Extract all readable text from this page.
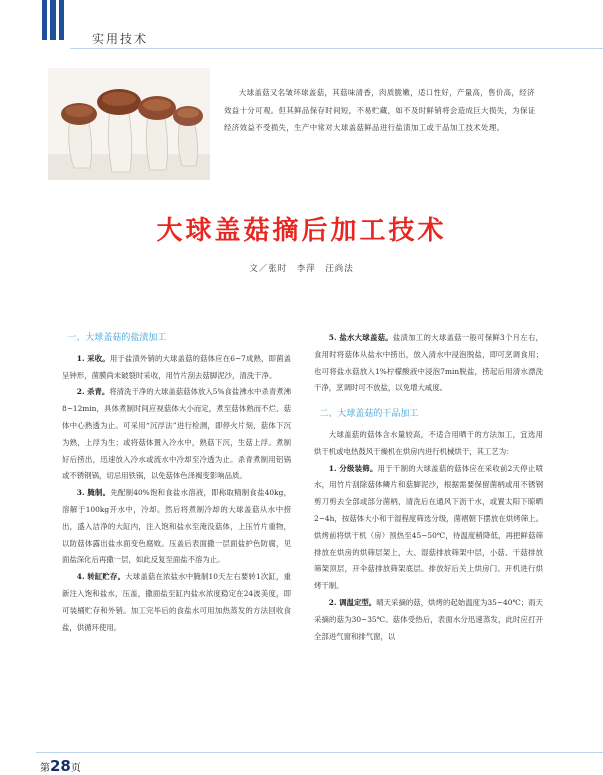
实用技术
大球盖菇又名皱环球盖菇，其菇味清香，肉质脆嫩，适口性好，产量高，售价高，经济效益十分可观。但其鲜品保存时间短，不易贮藏，如不及时鲜销将会造成巨大损失，为保证经济效益不受损失，生产中常对大球盖菇鲜品进行盐渍加工或干品加工技术处理。
大球盖菇摘后加工技术
文／张时　李萍　汪尚法
一、大球盖菇的盐渍加工

1. 采收。用于盐渍外销的大球盖菇的菇体应在6~7成熟，即菌盖呈钟形，菌膜尚未破裂时采收，用竹片刮去菇脚泥沙，清洗干净。

2. 杀青。将清洗干净的大球盖菇菇体放入5%食盐沸水中杀青煮沸8~12min，具体煮制时间应视菇体大小而定，煮至菇体熟而不烂、菇体中心熟透为止。可采用“沉浮法”进行检测，即停火片刻，菇体下沉为熟，上浮为生；或将菇体置入冷水中，熟菇下沉，生菇上浮。煮制好后捞出，迅速放入冷水或流水中冷却至冷透为止。杀青煮制用铝锅或不锈钢锅，切忌用铁锅，以免菇体色泽褐变影响品质。

3. 腌制。先配制40%饱和食盐水溶液，即称取精制食盐40kg，溶解于100kg开水中，冷却。然后将煮制冷却的大球盖菇从水中捞出，盛入洁净的大缸内，注入饱和盐水至淹没菇体，上压竹片重物，以防菇体露出盐水面变色腐败。压盖后表面撒一层面盐护色防腐，见面盐深化后再撒一层，如此反复至面盐不溶为止。

4. 转缸贮存。大球盖菇在浓盐水中腌制10天左右要转1次缸，重新注入饱和盐水，压盖，撒面盐至缸内盐水浓度稳定在24波美度，即可装桶贮存和外销。加工完毕后的食盐水可用加热蒸发的方法回收食盐，供循环使用。

5. 盐水大球盖菇。盐渍加工的大球盖菇一般可保鲜3个月左右，食用时将菇体从盐水中捞出，放入清水中浸泡脱盐，即可烹调食用；也可将盐水菇放入1%柠檬酸液中浸泡7min脱盐，捞起后用清水漂洗干净，烹调时可不放盐，以免增大咸度。

二、大球盖菇的干品加工

大球盖菇的菇体含水量较高，不适合用晒干的方法加工，宜选用烘干机或电热鼓风干燥机在烘房内进行机械烘干，其工艺为：

1. 分级装筛。用于干制的大球盖菇的菇体应在采收前2天停止喷水，用竹片刮除菇体鳞片和菇脚泥沙，根据需要保留菌柄或用不锈钢剪刀剪去全部或部分菌柄，清洗后在通风下沥干水，或置太阳下晾晒2~4h，按菇体大小和干湿程度筛选分级，菌褶朝下摆放在烘烤筛上。烘烤前将烘干机（房）预热至45~50℃，待温度稍降低，再把鲜菇筛排放在烘房的烘筛层架上，大、湿菇排放筛架中层，小菇、干菇排放筛架顶层，开伞菇排放筛架底层。排放好后关上烘房门、开机进行烘烤干制。

2. 调温定型。晴天采摘的菇，烘烤的起始温度为35~40℃；雨天采摘的菇为30~35℃。菇体受热后，表面水分迅速蒸发，此时应打开全部进气窗和排气窗，以

第28页
